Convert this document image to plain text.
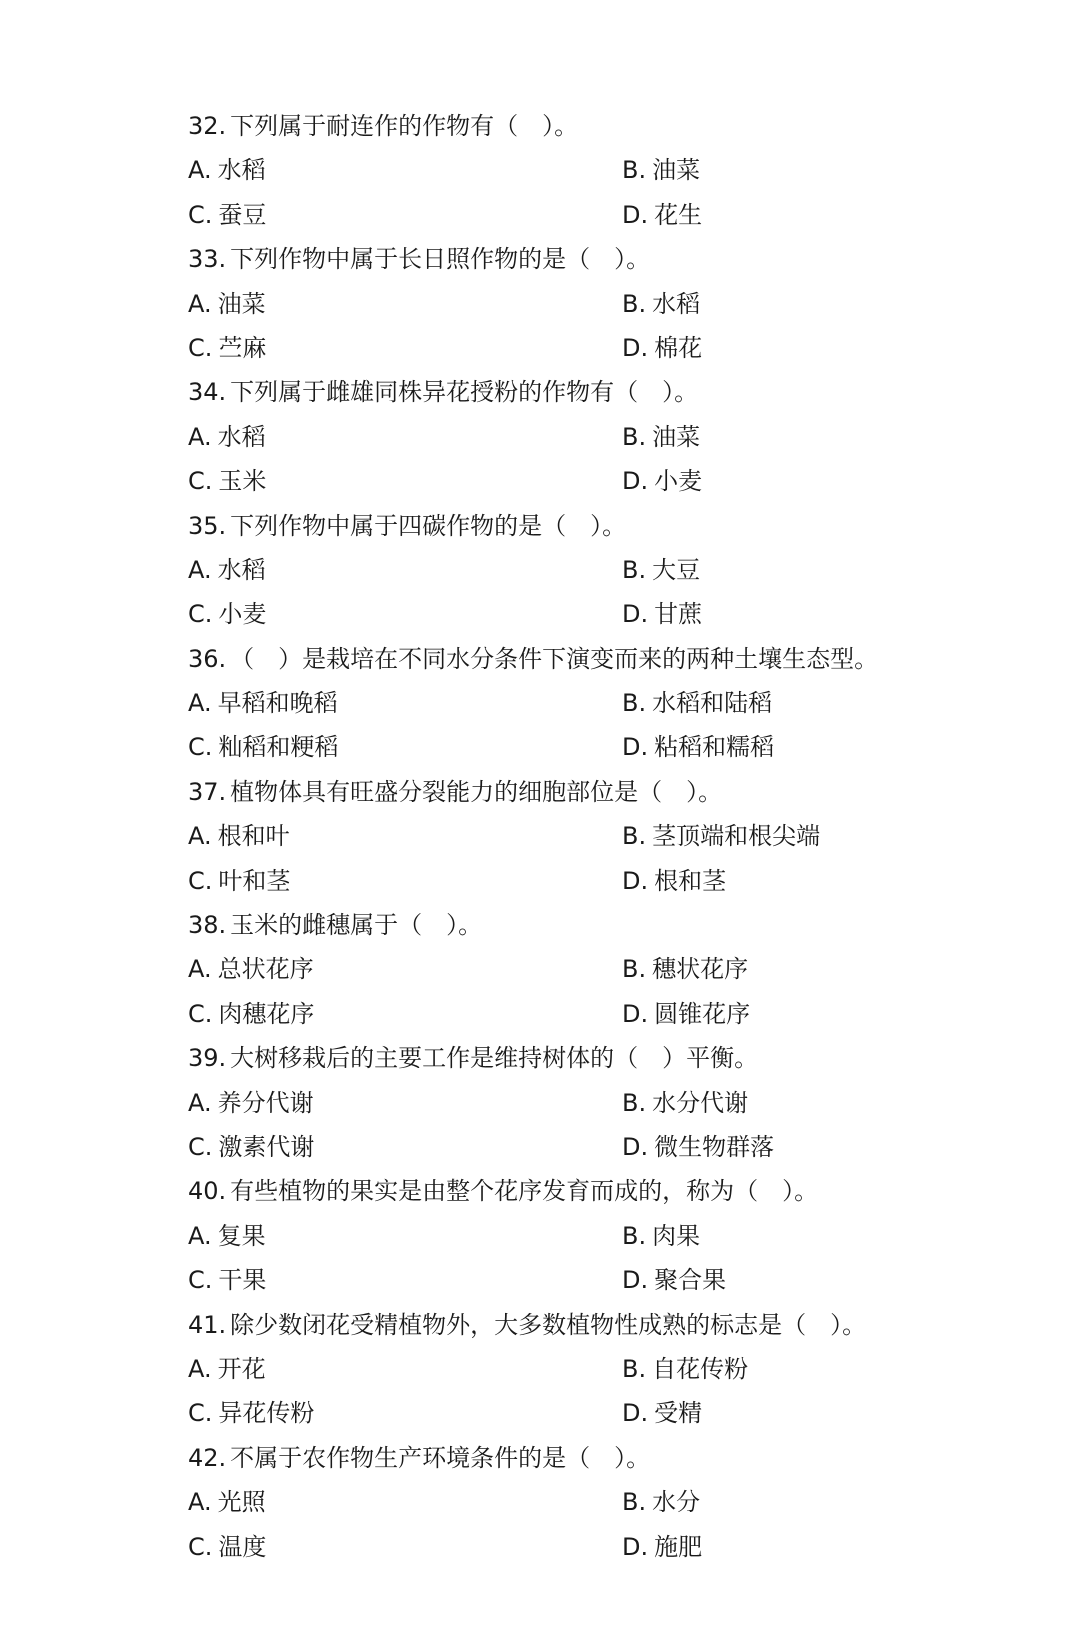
32. 下列属于耐连作的作物有（　）。
A. 水稻	B. 油菜
C. 蚕豆	D. 花生
33. 下列作物中属于长日照作物的是（　）。
A. 油菜	B. 水稻
C. 苎麻	D. 棉花
34. 下列属于雌雄同株异花授粉的作物有（　）。
A. 水稻	B. 油菜
C. 玉米	D. 小麦
35. 下列作物中属于四碳作物的是（　）。
A. 水稻	B. 大豆
C. 小麦	D. 甘蔗
36. （　）是栽培在不同水分条件下演变而来的两种土壤生态型。
A. 早稻和晚稻	B. 水稻和陆稻
C. 籼稻和粳稻	D. 粘稻和糯稻
37. 植物体具有旺盛分裂能力的细胞部位是（　）。
A. 根和叶	B. 茎顶端和根尖端
C. 叶和茎	D. 根和茎
38. 玉米的雌穗属于（　）。
A. 总状花序	B. 穗状花序
C. 肉穗花序	D. 圆锥花序
39. 大树移栽后的主要工作是维持树体的（　）平衡。
A. 养分代谢	B. 水分代谢
C. 激素代谢	D. 微生物群落
40. 有些植物的果实是由整个花序发育而成的，称为（　）。
A. 复果	B. 肉果
C. 干果	D. 聚合果
41. 除少数闭花受精植物外，大多数植物性成熟的标志是（　）。
A. 开花	B. 自花传粉
C. 异花传粉	D. 受精
42. 不属于农作物生产环境条件的是（　）。
A. 光照	B. 水分
C. 温度	D. 施肥
